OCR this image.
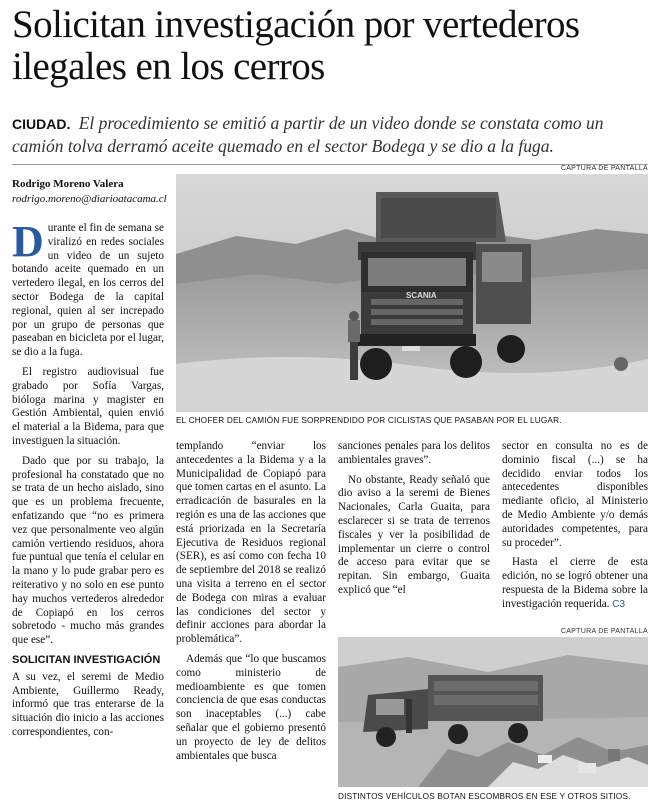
Solicitan investigación por vertederos ilegales en los cerros
CIUDAD. El procedimiento se emitió a partir de un video donde se constata como un camión tolva derramó aceite quemado en el sector Bodega y se dio a la fuga.
Rodrigo Moreno Valera
rodrigo.moreno@diarioatacama.cl
CAPTURA DE PANTALLA
SCANIA
EL CHOFER DEL CAMIÓN FUE SORPRENDIDO POR CICLISTAS QUE PASABAN POR EL LUGAR.

Durante el fin de semana se viralizó en redes sociales un video de un sujeto botando aceite quemado en un vertedero ilegal, en los cerros del sector Bodega de la capital regional, quien al ser increpado por un grupo de personas que paseaban en bicicleta por el lugar, se dio a la fuga.

El registro audiovisual fue grabado por Sofía Vargas, bióloga marina y magister en Gestión Ambiental, quien envió el material a la Bidema, para que investiguen la situación.

Dado que por su trabajo, la profesional ha constatado que no se trata de un hecho aislado, sino que es un problema frecuente, enfatizando que “no es primera vez que personalmente veo algún camión vertiendo residuos, ahora fue puntual que tenía el celular en la mano y lo pude grabar pero es reiterativo y no solo en ese punto hay muchos vertederos alrededor de Copiapó en los cerros sobretodo - mucho más grandes que ese”.

SOLICITAN INVESTIGACIÓN

A su vez, el seremi de Medio Ambiente, Guillermo Ready, informó que tras enterarse de la situación dio inicio a las acciones correspondientes, con-

templando “enviar los antecedentes a la Bidema y a la Municipalidad de Copiapó para que tomen cartas en el asunto. La erradicación de basurales en la región es una de las acciones que está priorizada en la Secretaría Ejecutiva de Residuos regional (SER), es así como con fecha 10 de septiembre del 2018 se realizó una visita a terreno en el sector de Bodega con miras a evaluar las condiciones del sector y definir acciones para abordar la problemática”.

Además que “lo que buscamos como ministerio de medioambiente es que tomen conciencia de que esas conductas son inaceptables (...) cabe señalar que el gobierno presentó un proyecto de ley de delitos ambientales que busca

sanciones penales para los delitos ambientales graves”.

No obstante, Ready señaló que dio aviso a la seremi de Bienes Nacionales, Carla Guaita, para esclarecer si se trata de terrenos fiscales y ver la posibilidad de implementar un cierre o control de acceso para evitar que se repitan. Sin embargo, Guaita explicó que “el

sector en consulta no es de dominio fiscal (...) se ha decidido enviar todos los antecedentes disponibles mediante oficio, al Ministerio de Medio Ambiente y/o demás autoridades competentes, para su proceder”.

Hasta el cierre de esta edición, no se logró obtener una respuesta de la Bidema sobre la investigación requerida. C3

CAPTURA DE PANTALLA
DISTINTOS VEHÍCULOS BOTAN ESCOMBROS EN ESE Y OTROS SITIOS.
